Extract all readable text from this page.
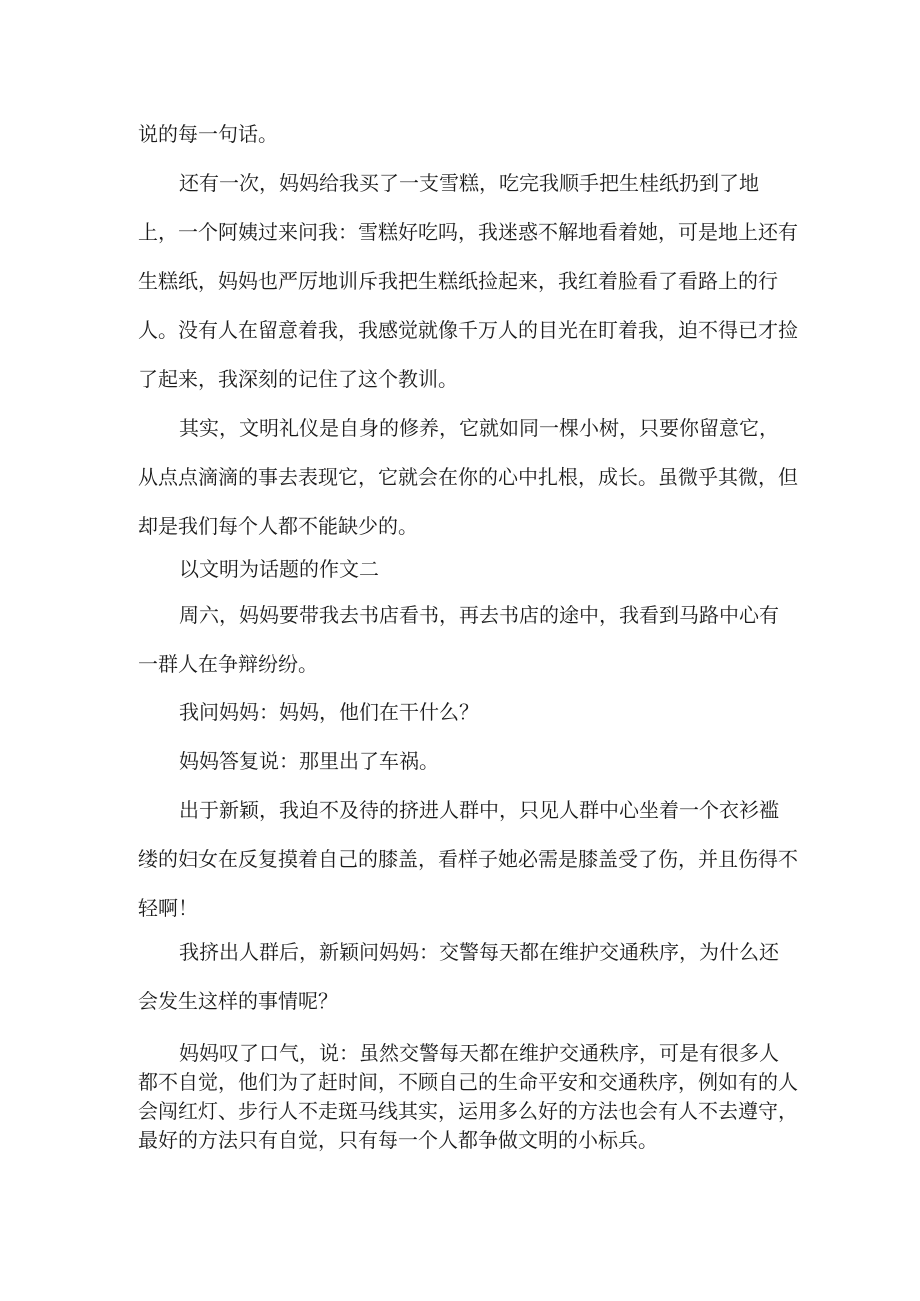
说的每一句话。

还有一次，妈妈给我买了一支雪糕，吃完我顺手把生桂纸扔到了地上，一个阿姨过来问我：雪糕好吃吗，我迷惑不解地看着她，可是地上还有生糕纸，妈妈也严厉地训斥我把生糕纸捡起来，我红着脸看了看路上的行人。没有人在留意着我，我感觉就像千万人的目光在盯着我，迫不得已才捡了起来，我深刻的记住了这个教训。

其实，文明礼仪是自身的修养，它就如同一棵小树，只要你留意它，从点点滴滴的事去表现它，它就会在你的心中扎根，成长。虽微乎其微，但却是我们每个人都不能缺少的。

以文明为话题的作文二

周六，妈妈要带我去书店看书，再去书店的途中，我看到马路中心有一群人在争辩纷纷。

我问妈妈：妈妈，他们在干什么？

妈妈答复说：那里出了车祸。

出于新颖，我迫不及待的挤进人群中，只见人群中心坐着一个衣衫褴缕的妇女在反复摸着自己的膝盖，看样子她必需是膝盖受了伤，并且伤得不轻啊！

我挤出人群后，新颖问妈妈：交警每天都在维护交通秩序，为什么还会发生这样的事情呢？

妈妈叹了口气，说：虽然交警每天都在维护交通秩序，可是有很多人都不自觉，他们为了赶时间，不顾自己的生命平安和交通秩序，例如有的人会闯红灯、步行人不走斑马线其实，运用多么好的方法也会有人不去遵守，最好的方法只有自觉，只有每一个人都争做文明的小标兵。
